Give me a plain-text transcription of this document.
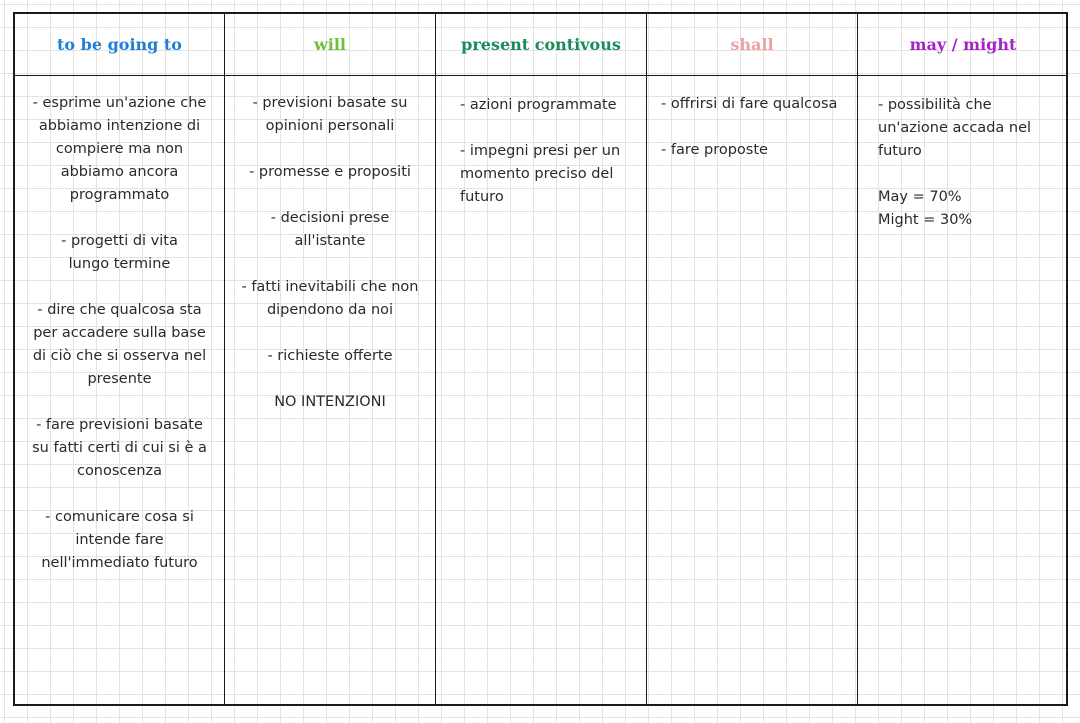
to be going to
- esprime un'azione che abbiamo intenzione di compiere ma non abbiamo ancora programmato
- progetti di vita lungo termine
- dire che qualcosa sta per accadere sulla base di ciò che si osserva nel presente
- fare previsioni basate su fatti certi di cui si è a conoscenza
- comunicare cosa si intende fare nell'immediato futuro
will
- previsioni basate su opinioni personali
- promesse e propositi
- decisioni prese all'istante
- fatti inevitabili che non dipendono da noi
- richieste offerte
NO INTENZIONI
present contivous
- azioni programmate
- impegni presi per un momento preciso del futuro
shall
- offrirsi di fare qualcosa
- fare proposte
may / might
- possibilità che un'azione accada nel futuro
May = 70%
Might = 30%
